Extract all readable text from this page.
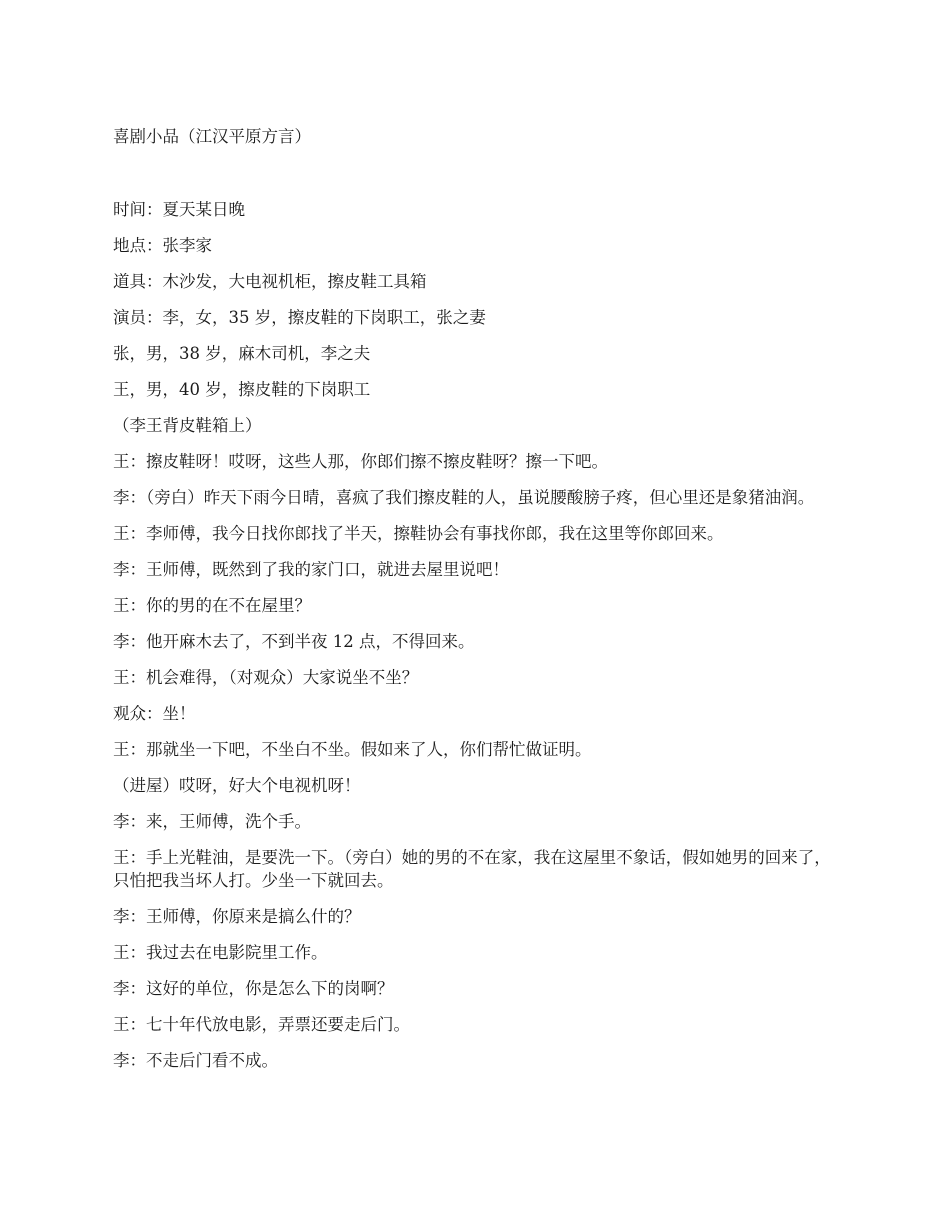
喜剧小品（江汉平原方言）

时间：夏天某日晚

地点：张李家

道具：木沙发，大电视机柜，擦皮鞋工具箱

演员：李，女，35 岁，擦皮鞋的下岗职工，张之妻

张，男，38 岁，麻木司机，李之夫

王，男，40 岁，擦皮鞋的下岗职工

（李王背皮鞋箱上）

王：擦皮鞋呀！哎呀，这些人那，你郎们擦不擦皮鞋呀？擦一下吧。

李：（旁白）昨天下雨今日晴，喜疯了我们擦皮鞋的人，虽说腰酸膀子疼，但心里还是象猪油润。

王：李师傅，我今日找你郎找了半天，擦鞋协会有事找你郎，我在这里等你郎回来。

李：王师傅，既然到了我的家门口，就进去屋里说吧！

王：你的男的在不在屋里？

李：他开麻木去了，不到半夜 12 点，不得回来。

王：机会难得，（对观众）大家说坐不坐？

观众：坐！

王：那就坐一下吧，不坐白不坐。假如来了人，你们帮忙做证明。

（进屋）哎呀，好大个电视机呀！

李：来，王师傅，洗个手。

王：手上光鞋油，是要洗一下。（旁白）她的男的不在家，我在这屋里不象话，假如她男的回来了，只怕把我当坏人打。少坐一下就回去。

李：王师傅，你原来是搞么什的？

王：我过去在电影院里工作。

李：这好的单位，你是怎么下的岗啊？

王：七十年代放电影，弄票还要走后门。

李：不走后门看不成。
